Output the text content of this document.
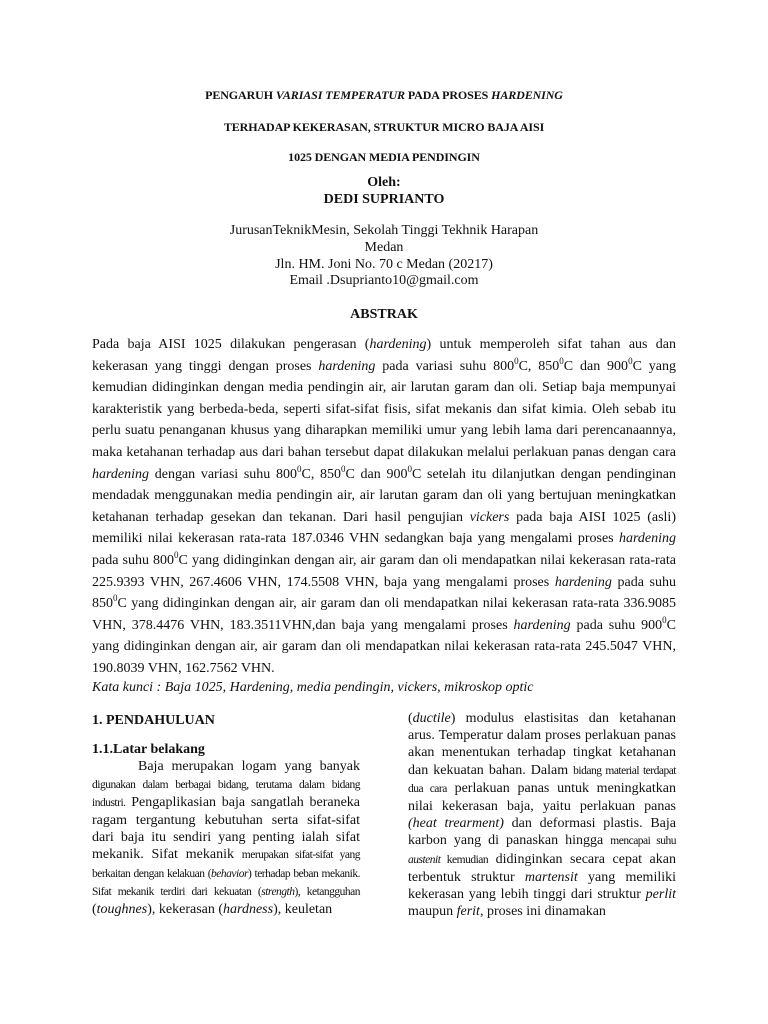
PENGARUH VARIASI TEMPERATUR PADA PROSES HARDENING
TERHADAP KEKERASAN, STRUKTUR MICRO BAJA AISI
1025 DENGAN MEDIA PENDINGIN
Oleh:
DEDI SUPRIANTO
JurusanTeknikMesin, Sekolah Tinggi Tekhnik Harapan
Medan
Jln. HM. Joni No. 70 c Medan (20217)
Email .Dsuprianto10@gmail.com
ABSTRAK
Pada baja AISI 1025 dilakukan pengerasan (hardening) untuk memperoleh sifat tahan aus dan kekerasan yang tinggi dengan proses hardening pada variasi suhu $800^0C$, $850^0C$ dan $900^0C$ yang kemudian didinginkan dengan media pendingin air, air larutan garam dan oli. Setiap baja mempunyai karakteristik yang berbeda-beda, seperti sifat-sifat fisis, sifat mekanis dan sifat kimia. Oleh sebab itu perlu suatu penanganan khusus yang diharapkan memiliki umur yang lebih lama dari perencanaannya, maka ketahanan terhadap aus dari bahan tersebut dapat dilakukan melalui perlakuan panas dengan cara hardening dengan variasi suhu $800^0C$, $850^0C$ dan $900^0C$ setelah itu dilanjutkan dengan pendinginan mendadak menggunakan media pendingin air, air larutan garam dan oli yang bertujuan meningkatkan ketahanan terhadap gesekan dan tekanan. Dari hasil pengujian vickers pada baja AISI 1025 (asli) memiliki nilai kekerasan rata-rata 187.0346 VHN sedangkan baja yang mengalami proses hardening pada suhu $800^0C$ yang didinginkan dengan air, air garam dan oli mendapatkan nilai kekerasan rata-rata 225.9393 VHN, 267.4606 VHN, 174.5508 VHN, baja yang mengalami proses hardening pada suhu $850^0C$ yang didinginkan dengan air, air garam dan oli mendapatkan nilai kekerasan rata-rata 336.9085 VHN, 378.4476 VHN, 183.3511VHN,dan baja yang mengalami proses hardening pada suhu $900^0C$ yang didinginkan dengan air, air garam dan oli mendapatkan nilai kekerasan rata-rata 245.5047 VHN, 190.8039 VHN, 162.7562 VHN.
Kata kunci : Baja 1025, Hardening, media pendingin, vickers, mikroskop optic
1. PENDAHULUAN
1.1.Latar belakang

Baja merupakan logam yang banyak digunakan dalam berbagai bidang, terutama dalam bidang industri. Pengaplikasian baja sangatlah beraneka ragam tergantung kebutuhan serta sifat-sifat dari baja itu sendiri yang penting ialah sifat mekanik. Sifat mekanik merupakan sifat-sifat yang berkaitan dengan kelakuan (behavior) terhadap beban mekanik. Sifat mekanik terdiri dari kekuatan (strength), ketangguhan (toughnes), kekerasan (hardness), keuletan

(ductile) modulus elastisitas dan ketahanan arus. Temperatur dalam proses perlakuan panas akan menentukan terhadap tingkat ketahanan dan kekuatan bahan. Dalam bidang material terdapat dua cara perlakuan panas untuk meningkatkan nilai kekerasan baja, yaitu perlakuan panas (heat trearment) dan deformasi plastis. Baja karbon yang di panaskan hingga mencapai suhu austenit kemudian didinginkan secara cepat akan terbentuk struktur martensit yang memiliki kekerasan yang lebih tinggi dari struktur perlit maupun ferit, proses ini dinamakan
